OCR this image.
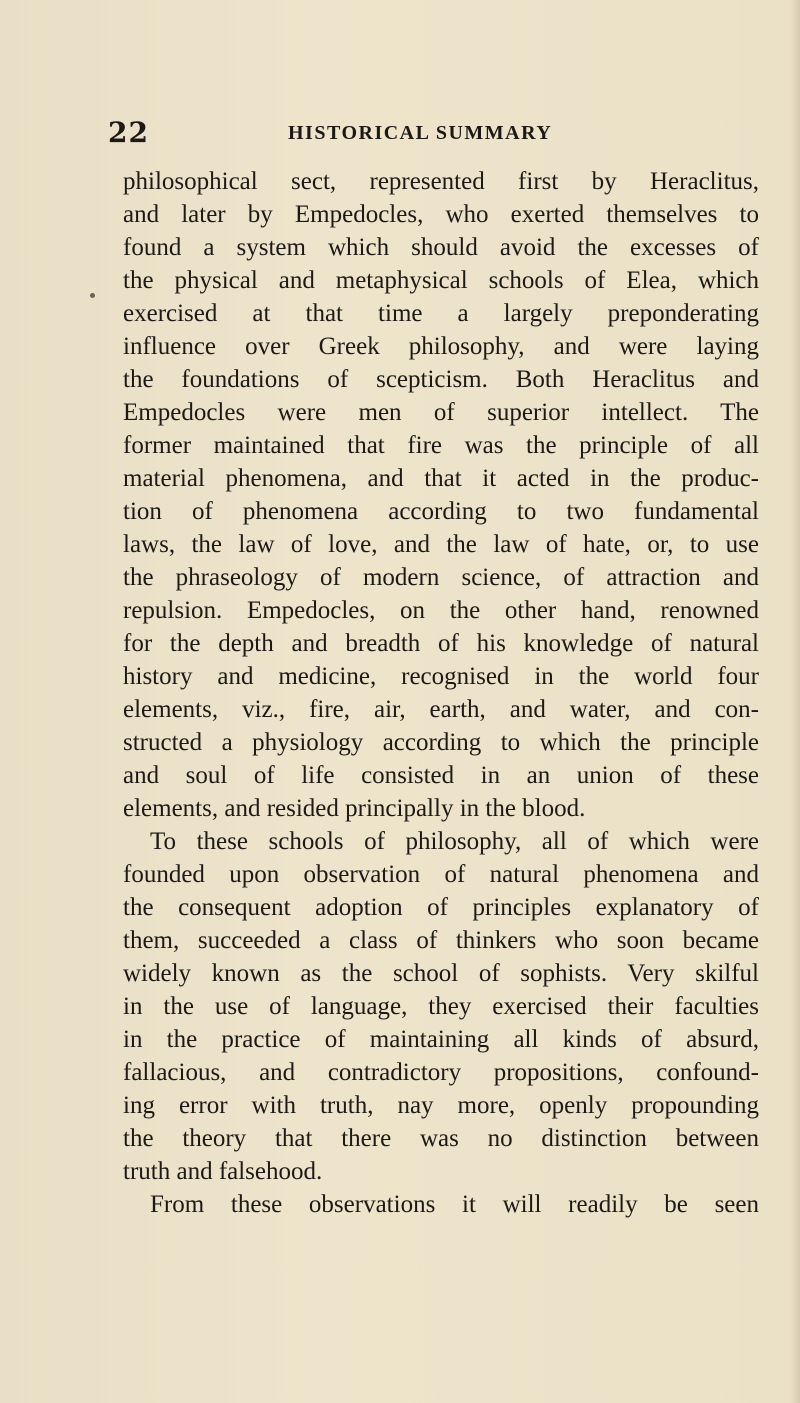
22	HISTORICAL SUMMARY
philosophical sect, represented first by Heraclitus,
and later by Empedocles, who exerted themselves to
found a system which should avoid the excesses of
the physical and metaphysical schools of Elea, which
exercised at that time a largely preponderating
influence over Greek philosophy, and were laying
the foundations of scepticism. Both Heraclitus and
Empedocles were men of superior intellect. The
former maintained that fire was the principle of all
material phenomena, and that it acted in the produc-
tion of phenomena according to two fundamental
laws, the law of love, and the law of hate, or, to use
the phraseology of modern science, of attraction and
repulsion. Empedocles, on the other hand, renowned
for the depth and breadth of his knowledge of natural
history and medicine, recognised in the world four
elements, viz., fire, air, earth, and water, and con-
structed a physiology according to which the principle
and soul of life consisted in an union of these
elements, and resided principally in the blood.
To these schools of philosophy, all of which were
founded upon observation of natural phenomena and
the consequent adoption of principles explanatory of
them, succeeded a class of thinkers who soon became
widely known as the school of sophists. Very skilful
in the use of language, they exercised their faculties
in the practice of maintaining all kinds of absurd,
fallacious, and contradictory propositions, confound-
ing error with truth, nay more, openly propounding
the theory that there was no distinction between
truth and falsehood.
From these observations it will readily be seen
